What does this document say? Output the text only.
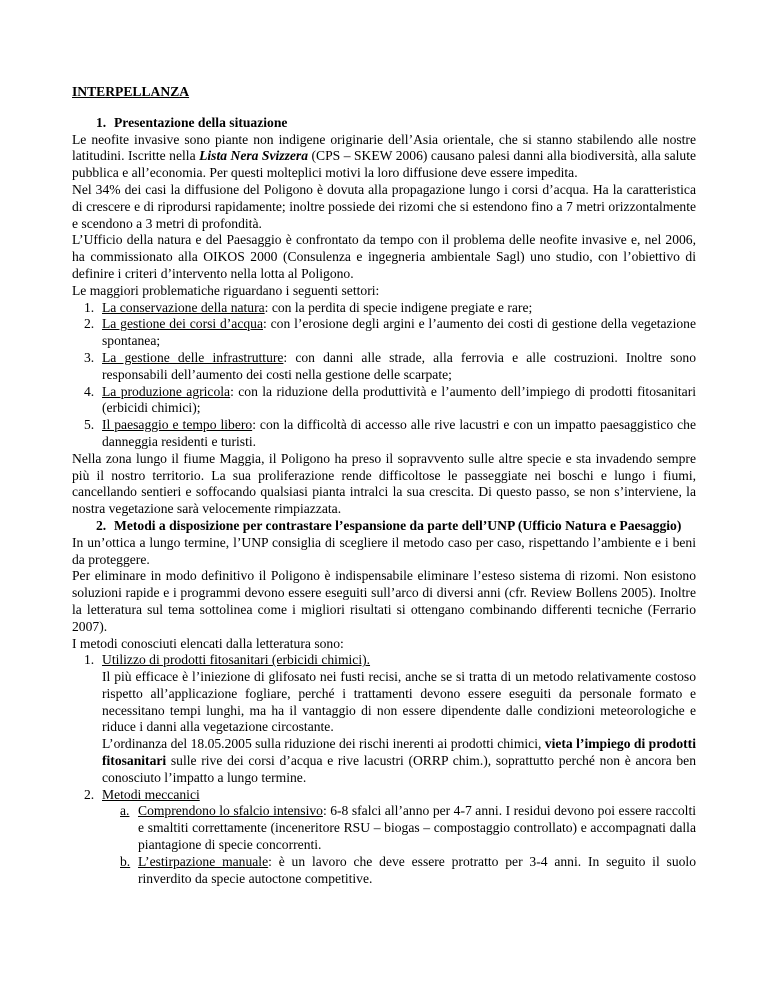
INTERPELLANZA

1. Presentazione della situazione

Le neofite invasive sono piante non indigene originarie dell’Asia orientale, che si stanno stabilendo alle nostre latitudini. Iscritte nella Lista Nera Svizzera (CPS – SKEW 2006) causano palesi danni alla biodiversità, alla salute pubblica e all’economia. Per questi molteplici motivi la loro diffusione deve essere impedita.

Nel 34% dei casi la diffusione del Poligono è dovuta alla propagazione lungo i corsi d’acqua. Ha la caratteristica di crescere e di riprodursi rapidamente; inoltre possiede dei rizomi che si estendono fino a 7 metri orizzontalmente e scendono a 3 metri di profondità.

L’Ufficio della natura e del Paesaggio è confrontato da tempo con il problema delle neofite invasive e, nel 2006, ha commissionato alla OIKOS 2000 (Consulenza e ingegneria ambientale Sagl) uno studio, con l’obiettivo di definire i criteri d’intervento nella lotta al Poligono.

Le maggiori problematiche riguardano i seguenti settori:

1. La conservazione della natura: con la perdita di specie indigene pregiate e rare;
2. La gestione dei corsi d’acqua: con l’erosione degli argini e l’aumento dei costi di gestione della vegetazione spontanea;
3. La gestione delle infrastrutture: con danni alle strade, alla ferrovia e alle costruzioni. Inoltre sono responsabili dell’aumento dei costi nella gestione delle scarpate;
4. La produzione agricola: con la riduzione della produttività e l’aumento dell’impiego di prodotti fitosanitari (erbicidi chimici);
5. Il paesaggio e tempo libero: con la difficoltà di accesso alle rive lacustri e con un impatto paesaggistico che danneggia residenti e turisti.

Nella zona lungo il fiume Maggia, il Poligono ha preso il sopravvento sulle altre specie e sta invadendo sempre più il nostro territorio. La sua proliferazione rende difficoltose le passeggiate nei boschi e lungo i fiumi, cancellando sentieri e soffocando qualsiasi pianta intralci la sua crescita. Di questo passo, se non s’interviene, la nostra vegetazione sarà velocemente rimpiazzata.

2. Metodi a disposizione per contrastare l’espansione da parte dell’UNP (Ufficio Natura e Paesaggio)

In un’ottica a lungo termine, l’UNP consiglia di scegliere il metodo caso per caso, rispettando l’ambiente e i beni da proteggere.

Per eliminare in modo definitivo il Poligono è indispensabile eliminare l’esteso sistema di rizomi. Non esistono soluzioni rapide e i programmi devono essere eseguiti sull’arco di diversi anni (cfr. Review Bollens 2005). Inoltre la letteratura sul tema sottolinea come i migliori risultati si ottengano combinando differenti tecniche (Ferrario 2007).

I metodi conosciuti elencati dalla letteratura sono:

1. Utilizzo di prodotti fitosanitari (erbicidi chimici).

Il più efficace è l’iniezione di glifosato nei fusti recisi, anche se si tratta di un metodo relativamente costoso rispetto all’applicazione fogliare, perché i trattamenti devono essere eseguiti da personale formato e necessitano tempi lunghi, ma ha il vantaggio di non essere dipendente dalle condizioni meteorologiche e riduce i danni alla vegetazione circostante.

L’ordinanza del 18.05.2005 sulla riduzione dei rischi inerenti ai prodotti chimici, vieta l’impiego di prodotti fitosanitari sulle rive dei corsi d’acqua e rive lacustri (ORRP chim.), soprattutto perché non è ancora ben conosciuto l’impatto a lungo termine.

2. Metodi meccanici
a. Comprendono lo sfalcio intensivo: 6-8 sfalci all’anno per 4-7 anni. I residui devono poi essere raccolti e smaltiti correttamente (inceneritore RSU – biogas – compostaggio controllato) e accompagnati dalla piantagione di specie concorrenti.
b. L’estirpazione manuale: è un lavoro che deve essere protratto per 3-4 anni. In seguito il suolo rinverdito da specie autoctone competitive.
